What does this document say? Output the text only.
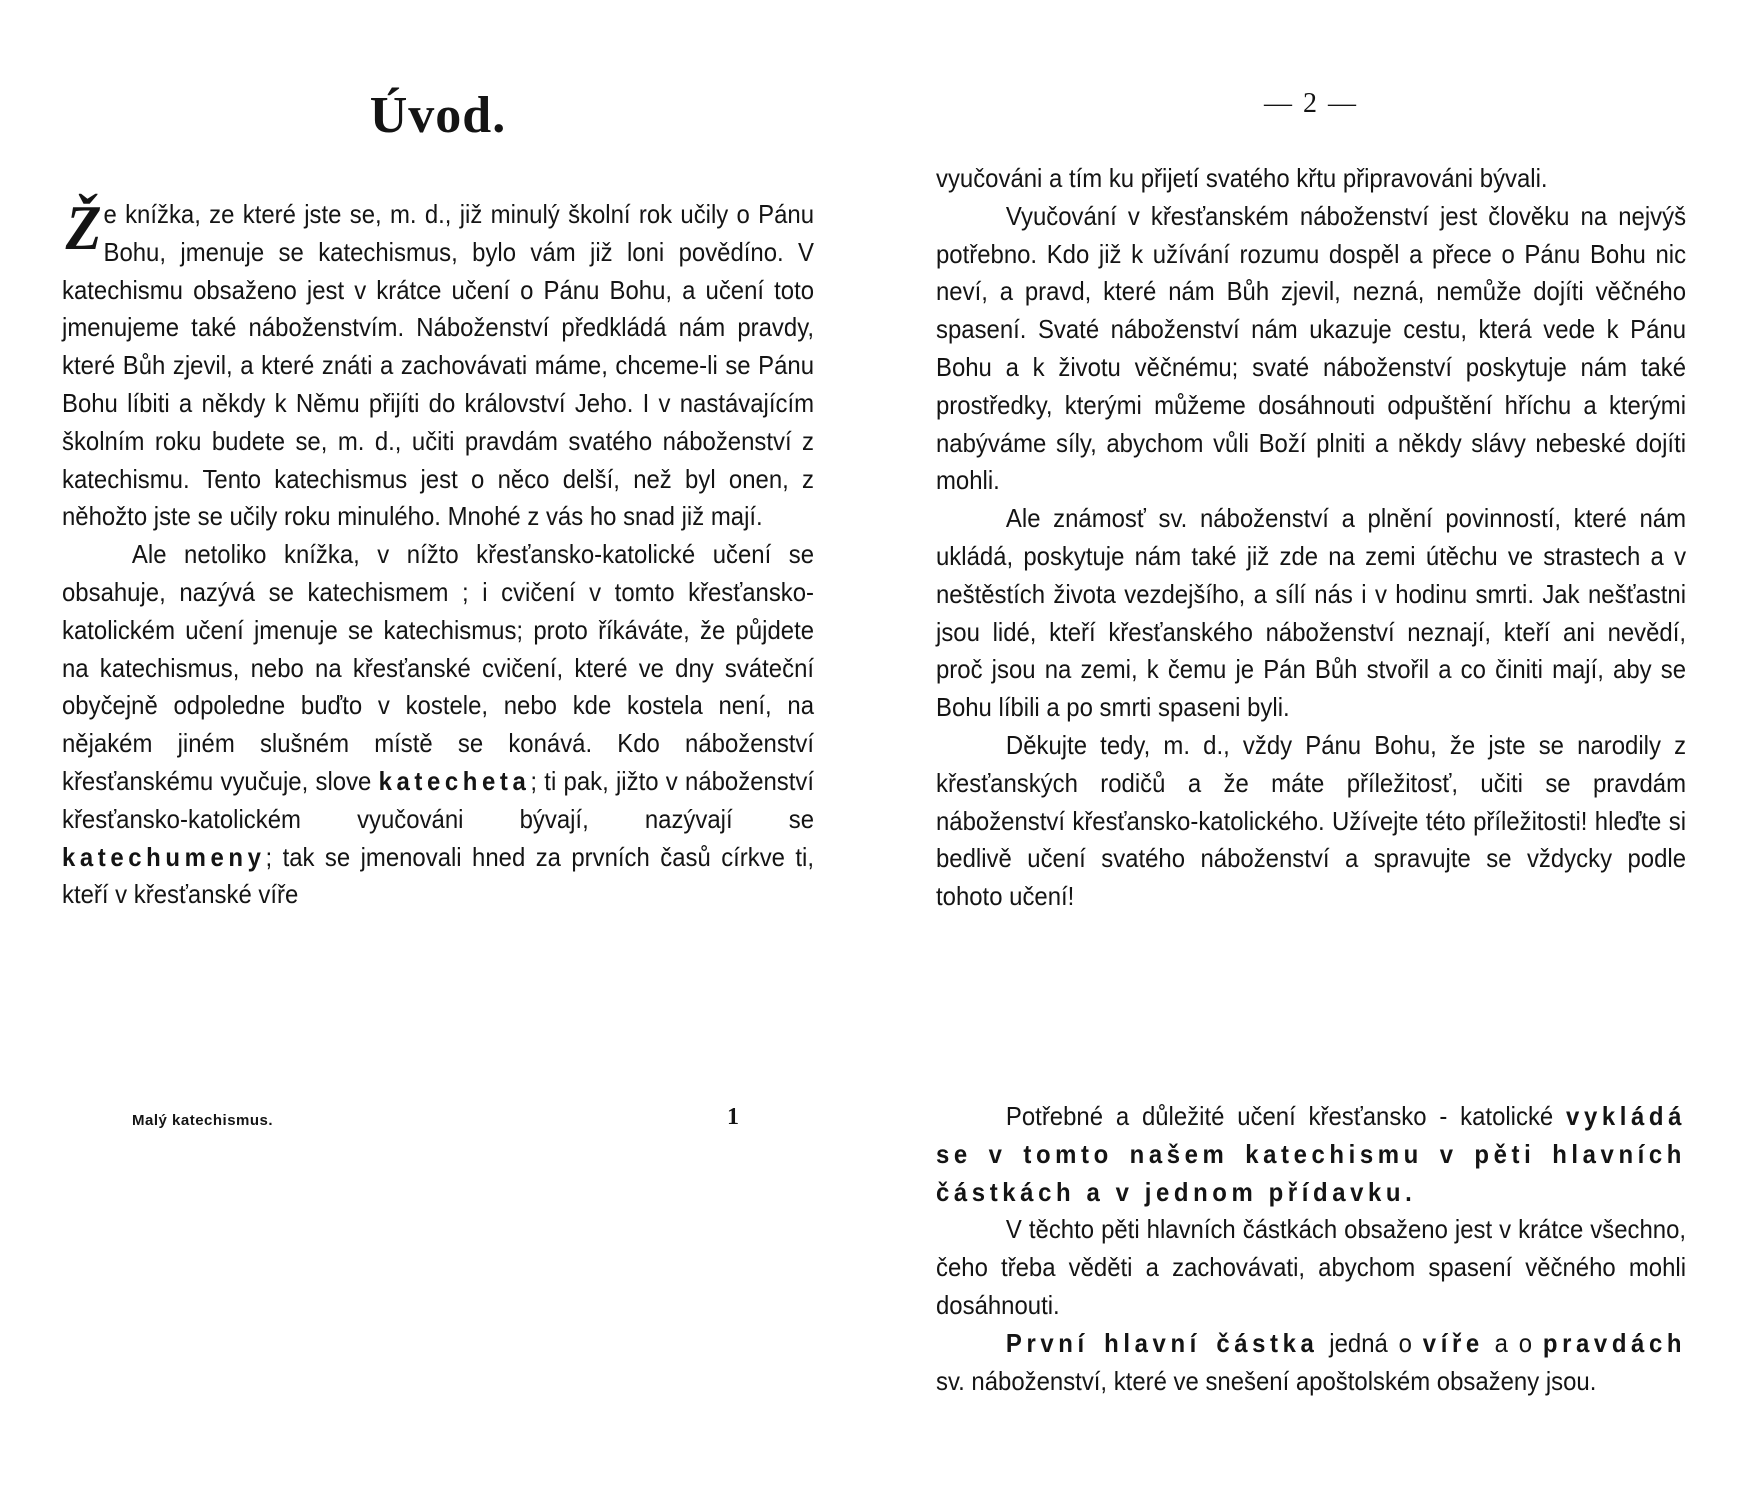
Úvod.

Že knížka, ze které jste se, m. d., již minulý školní rok učily o Pánu Bohu, jmenuje se katechismus, bylo vám již loni povědíno. V katechismu obsaženo jest v krátce učení o Pánu Bohu, a učení toto jmenujeme také náboženstvím. Náboženství předkládá nám pravdy, které Bůh zjevil, a které znáti a zachovávati máme, chceme-li se Pánu Bohu líbiti a někdy k Němu přijíti do království Jeho. I v nastávajícím školním roku budete se, m. d., učiti pravdám svatého náboženství z katechismu. Tento katechismus jest o něco delší, než byl onen, z něhožto jste se učily roku minulého. Mnohé z vás ho snad již mají.

Ale netoliko knížka, v nížto křesťansko-katolické učení se obsahuje, nazývá se katechismem ; i cvičení v tomto křesťansko-katolickém učení jmenuje se katechismus; proto říkáváte, že půjdete na katechismus, nebo na křesťanské cvičení, které ve dny sváteční obyčejně odpoledne buďto v kostele, nebo kde kostela není, na nějakém jiném slušném místě se konává. Kdo náboženství křesťanskému vyučuje, slove katecheta; ti pak, jižto v náboženství křesťansko-katolickém vyučováni bývají, nazývají se katechumeny; tak se jmenovali hned za prvních časů církve ti, kteří v křesťanské víře

Malý katechismus.	1
— 2 —

vyučováni a tím ku přijetí svatého křtu připravováni bývali.

Vyučování v křesťanském náboženství jest člověku na nejvýš potřebno. Kdo již k užívání rozumu dospěl a přece o Pánu Bohu nic neví, a pravd, které nám Bůh zjevil, nezná, nemůže dojíti věčného spasení. Svaté náboženství nám ukazuje cestu, která vede k Pánu Bohu a k životu věčnému; svaté náboženství poskytuje nám také prostředky, kterými můžeme dosáhnouti odpuštění hříchu a kterými nabýváme síly, abychom vůli Boží plniti a někdy slávy nebeské dojíti mohli.

Ale známosť sv. náboženství a plnění povinností, které nám ukládá, poskytuje nám také již zde na zemi útěchu ve strastech a v neštěstích života vezdejšího, a sílí nás i v hodinu smrti. Jak nešťastni jsou lidé, kteří křesťanského náboženství neznají, kteří ani nevědí, proč jsou na zemi, k čemu je Pán Bůh stvořil a co činiti mají, aby se Bohu líbili a po smrti spaseni byli.

Děkujte tedy, m. d., vždy Pánu Bohu, že jste se narodily z křesťanských rodičů a že máte příležitosť, učiti se pravdám náboženství křesťansko-katolického. Užívejte této příležitosti! hleďte si bedlivě učení svatého náboženství a spravujte se vždycky podle tohoto učení!

Potřebné a důležité učení křesťansko - katolické vykládá se v tomto našem katechismu v pěti hlavních částkách a v jednom přídavku.

V těchto pěti hlavních částkách obsaženo jest v krátce všechno, čeho třeba věděti a zachovávati, abychom spasení věčného mohli dosáhnouti.

První hlavní částka jedná o víře a o pravdách sv. náboženství, které ve snešení apoštolském obsaženy jsou.
